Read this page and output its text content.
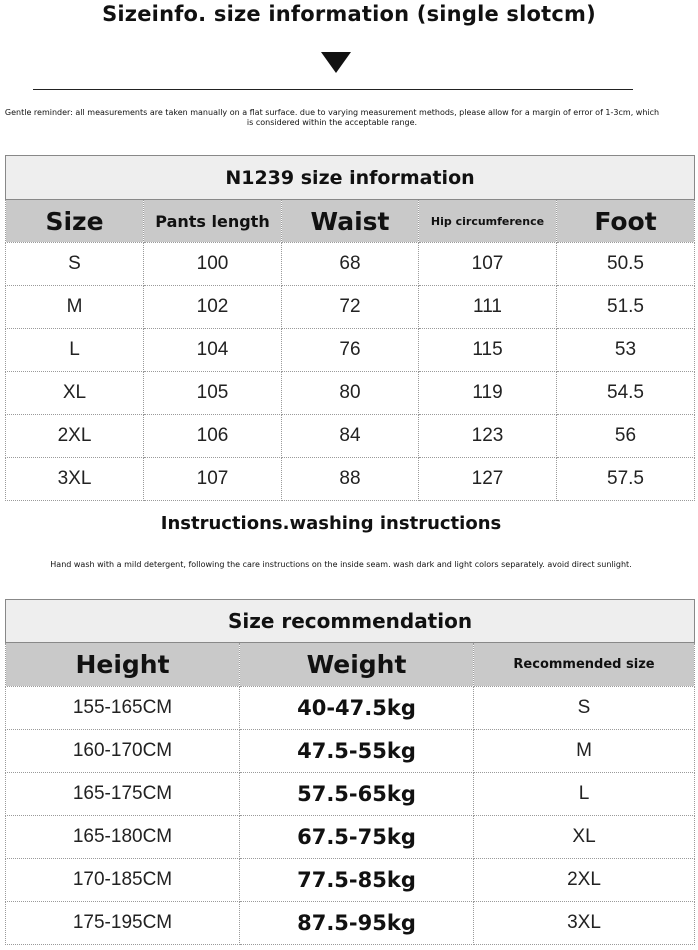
Sizeinfo. size information (single slotcm)
Gentle reminder: all measurements are taken manually on a flat surface. due to varying measurement methods, please allow for a margin of error of 1-3cm, which is considered within the acceptable range.
N1239 size information				
Size	Pants length	Waist	Hip circumference	Foot
S	100	68	107	50.5
M	102	72	111	51.5
L	104	76	115	53
XL	105	80	119	54.5
2XL	106	84	123	56
3XL	107	88	127	57.5
Instructions.washing instructions
Hand wash with a mild detergent, following the care instructions on the inside seam. wash dark and light colors separately. avoid direct sunlight.
Size recommendation		
Height	Weight	Recommended size
155-165CM	40-47.5kg	S
160-170CM	47.5-55kg	M
165-175CM	57.5-65kg	L
165-180CM	67.5-75kg	XL
170-185CM	77.5-85kg	2XL
175-195CM	87.5-95kg	3XL
